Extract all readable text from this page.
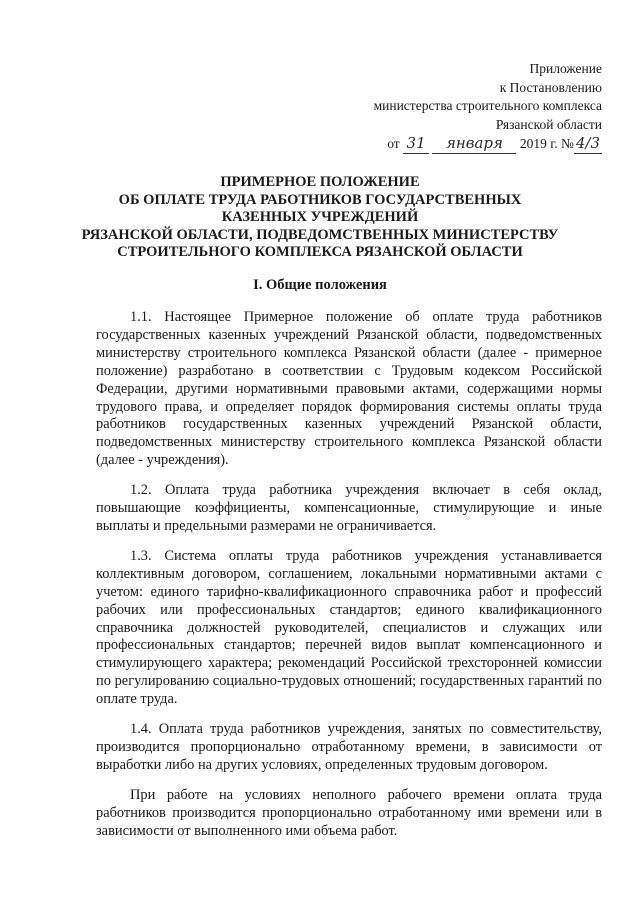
Приложение
к Постановлению
министерства строительного комплекса
Рязанской области
от 31 января 2019 г. № 4/3
ПРИМЕРНОЕ ПОЛОЖЕНИЕ
ОБ ОПЛАТЕ ТРУДА РАБОТНИКОВ ГОСУДАРСТВЕННЫХ
КАЗЕННЫХ УЧРЕЖДЕНИЙ
РЯЗАНСКОЙ ОБЛАСТИ, ПОДВЕДОМСТВЕННЫХ МИНИСТЕРСТВУ
СТРОИТЕЛЬНОГО КОМПЛЕКСА РЯЗАНСКОЙ ОБЛАСТИ
I. Общие положения

1.1. Настоящее Примерное положение об оплате труда работников государственных казенных учреждений Рязанской области, подведомственных министерству строительного комплекса Рязанской области (далее - примерное положение) разработано в соответствии с Трудовым кодексом Российской Федерации, другими нормативными правовыми актами, содержащими нормы трудового права, и определяет порядок формирования системы оплаты труда работников государственных казенных учреждений Рязанской области, подведомственных министерству строительного комплекса Рязанской области (далее - учреждения).

1.2. Оплата труда работника учреждения включает в себя оклад, повышающие коэффициенты, компенсационные, стимулирующие и иные выплаты и предельными размерами не ограничивается.

1.3. Система оплаты труда работников учреждения устанавливается коллективным договором, соглашением, локальными нормативными актами с учетом: единого тарифно-квалификационного справочника работ и профессий рабочих или профессиональных стандартов; единого квалификационного справочника должностей руководителей, специалистов и служащих или профессиональных стандартов; перечней видов выплат компенсационного и стимулирующего характера; рекомендаций Российской трехсторонней комиссии по регулированию социально-трудовых отношений; государственных гарантий по оплате труда.

1.4. Оплата труда работников учреждения, занятых по совместительству, производится пропорционально отработанному времени, в зависимости от выработки либо на других условиях, определенных трудовым договором.

При работе на условиях неполного рабочего времени оплата труда работников производится пропорционально отработанному ими времени или в зависимости от выполненного ими объема работ.
